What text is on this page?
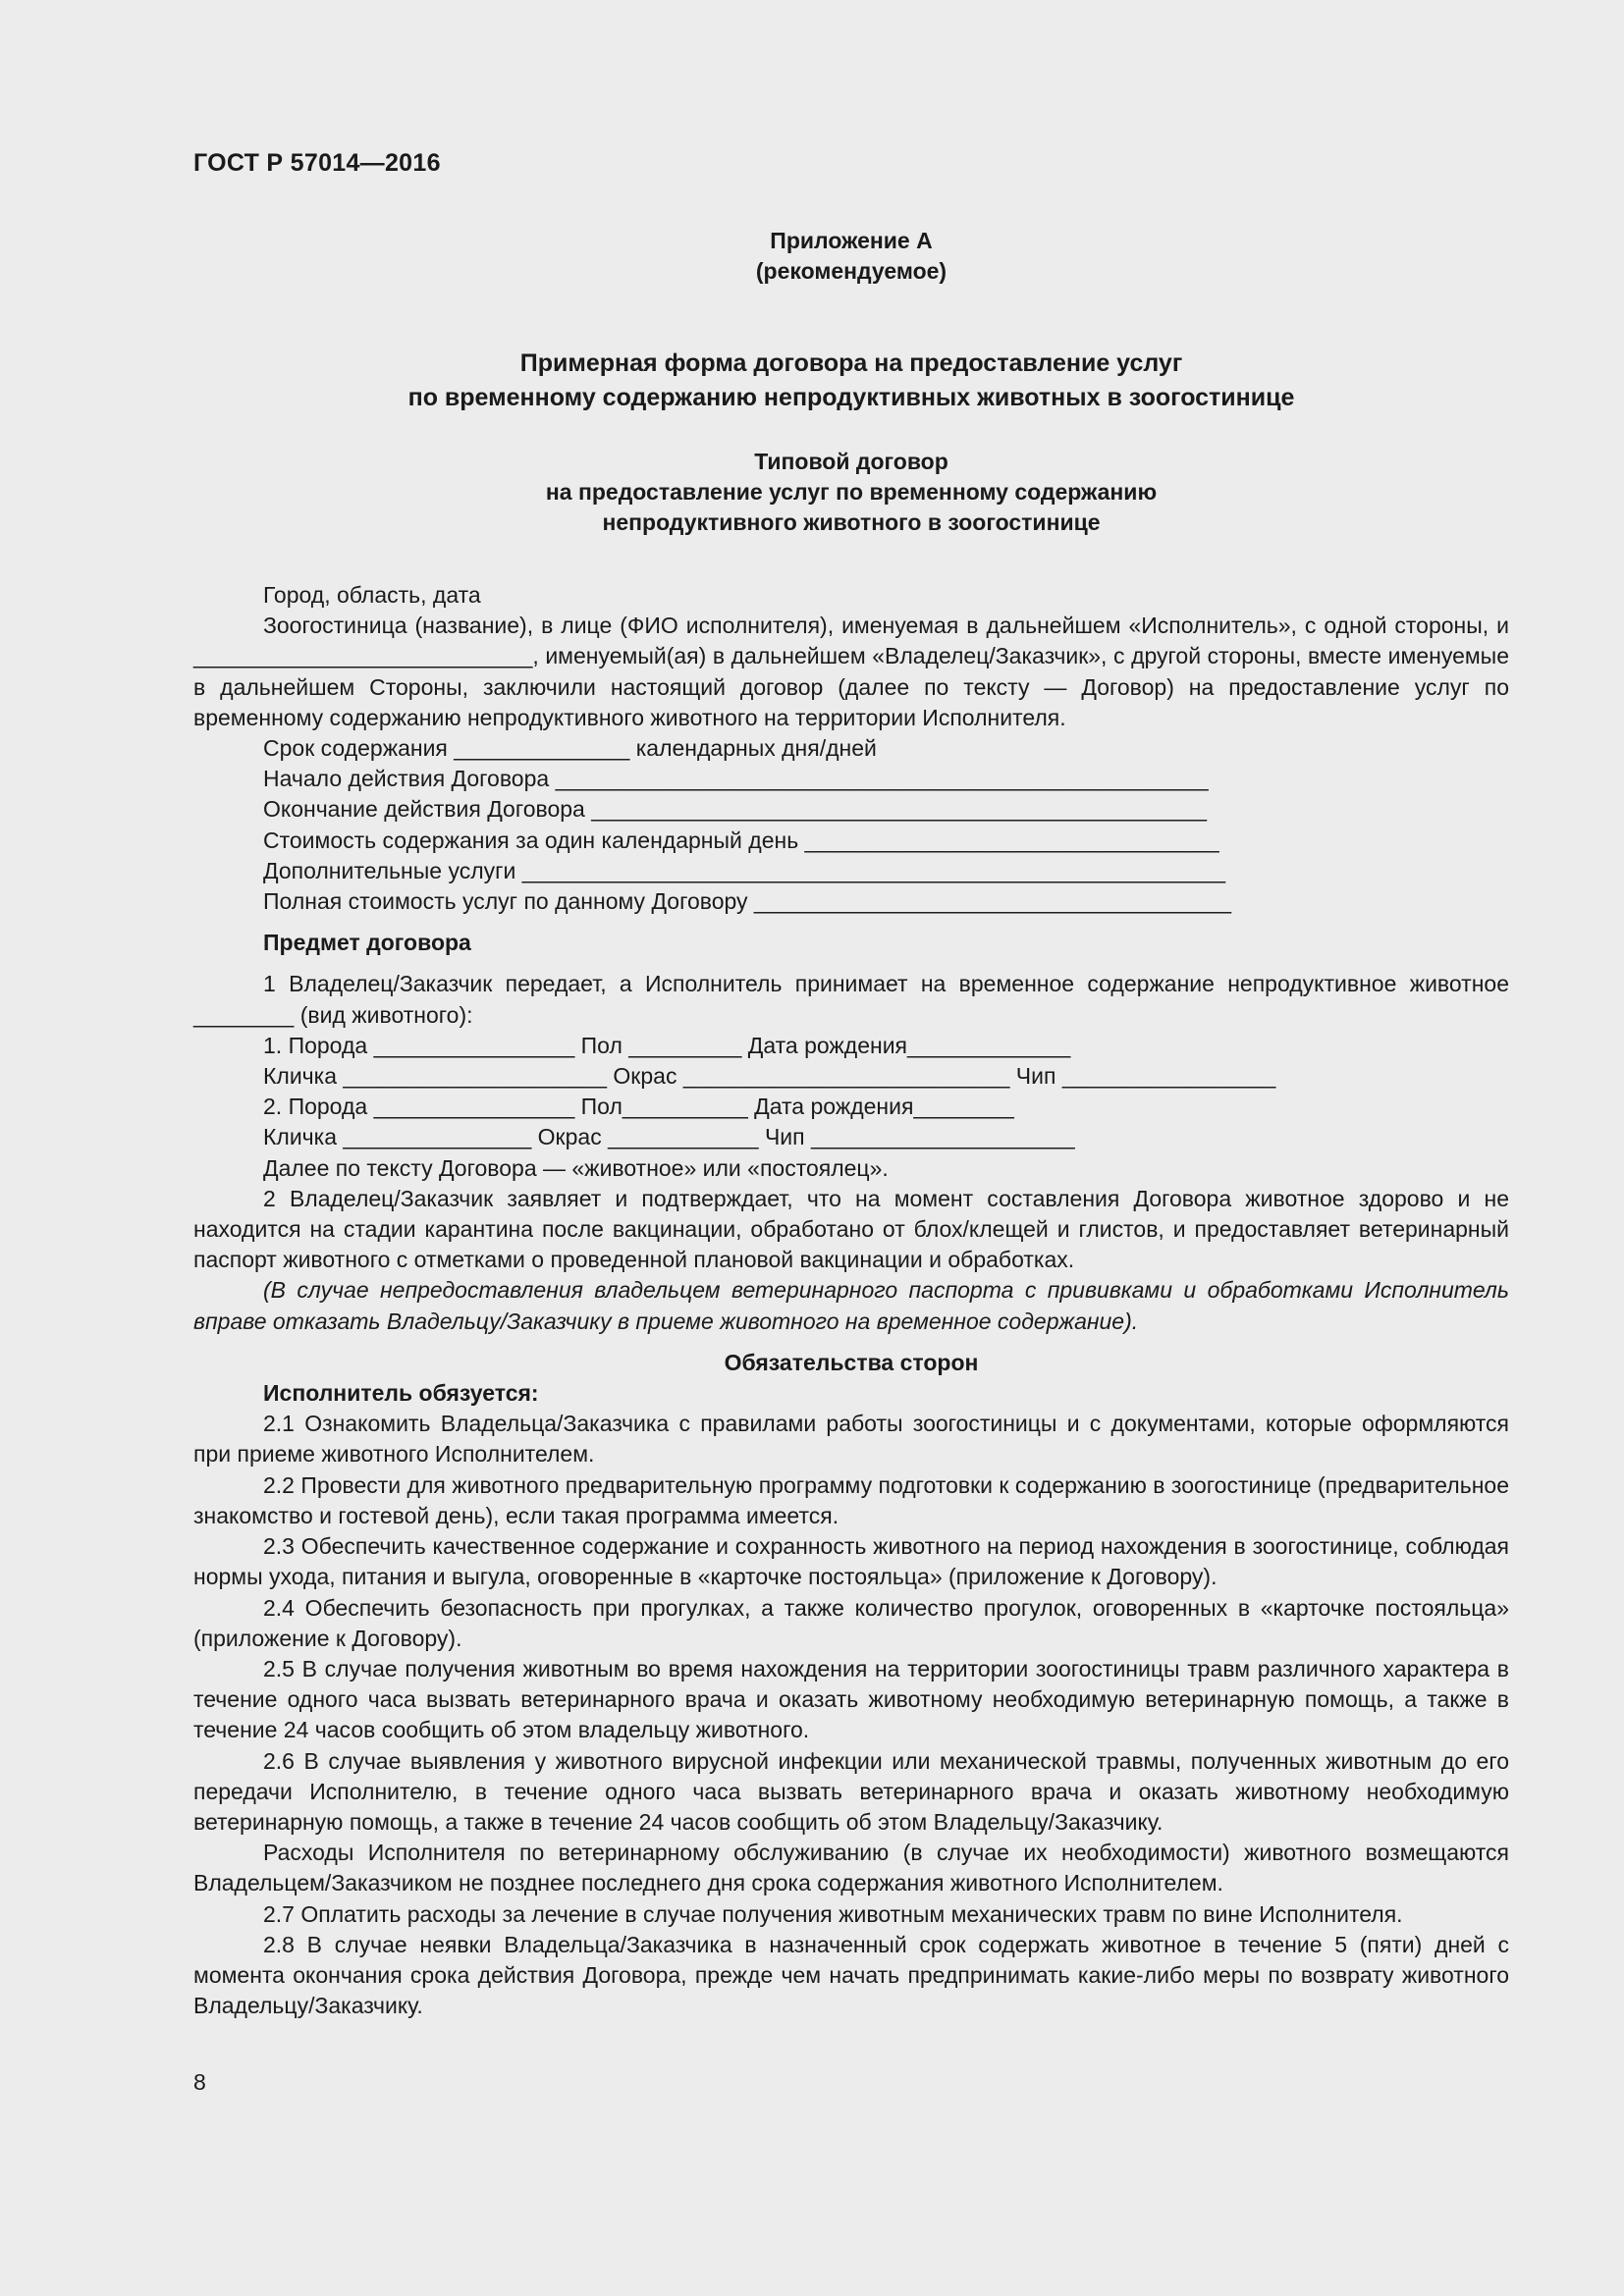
ГОСТ Р 57014—2016
Приложение А
(рекомендуемое)
Примерная форма договора на предоставление услуг
по временному содержанию непродуктивных животных в зоогостинице
Типовой договор
на предоставление услуг по временному содержанию
непродуктивного животного в зоогостинице

Город, область, дата

Зоогостиница (название), в лице (ФИО исполнителя), именуемая в дальнейшем «Исполнитель», с одной стороны, и ___________________________, именуемый(ая) в дальнейшем «Владелец/Заказчик», с другой стороны, вместе именуемые в дальнейшем Стороны, заключили настоящий договор (далее по тексту — Договор) на предоставление услуг по временному содержанию непродуктивного животного на территории Исполнителя.

Срок содержания ______________ календарных дня/дней

Начало действия Договора ____________________________________________________

Окончание действия Договора _________________________________________________

Стоимость содержания за один календарный день _________________________________

Дополнительные услуги ________________________________________________________

Полная стоимость услуг по данному Договору ______________________________________

Предмет договора

1 Владелец/Заказчик передает, а Исполнитель принимает на временное содержание непродуктивное животное ________ (вид животного):

1. Порода ________________ Пол _________ Дата рождения_____________

Кличка _____________________ Окрас __________________________ Чип _________________

2. Порода ________________ Пол__________ Дата рождения________

Кличка _______________ Окрас ____________ Чип _____________________

Далее по тексту Договора — «животное» или «постоялец».

2 Владелец/Заказчик заявляет и подтверждает, что на момент составления Договора животное здорово и не находится на стадии карантина после вакцинации, обработано от блох/клещей и глистов, и предоставляет ветеринарный паспорт животного с отметками о проведенной плановой вакцинации и обработках.

(В случае непредоставления владельцем ветеринарного паспорта с прививками и обработками Исполнитель вправе отказать Владельцу/Заказчику в приеме животного на временное содержание).

Обязательства сторон

Исполнитель обязуется:

2.1 Ознакомить Владельца/Заказчика с правилами работы зоогостиницы и с документами, которые оформляются при приеме животного Исполнителем.

2.2 Провести для животного предварительную программу подготовки к содержанию в зоогостинице (предварительное знакомство и гостевой день), если такая программа имеется.

2.3 Обеспечить качественное содержание и сохранность животного на период нахождения в зоогостинице, соблюдая нормы ухода, питания и выгула, оговоренные в «карточке постояльца» (приложение к Договору).

2.4 Обеспечить безопасность при прогулках, а также количество прогулок, оговоренных в «карточке постояльца» (приложение к Договору).

2.5 В случае получения животным во время нахождения на территории зоогостиницы травм различного характера в течение одного часа вызвать ветеринарного врача и оказать животному необходимую ветеринарную помощь, а также в течение 24 часов сообщить об этом владельцу животного.

2.6 В случае выявления у животного вирусной инфекции или механической травмы, полученных животным до его передачи Исполнителю, в течение одного часа вызвать ветеринарного врача и оказать животному необходимую ветеринарную помощь, а также в течение 24 часов сообщить об этом Владельцу/Заказчику.

Расходы Исполнителя по ветеринарному обслуживанию (в случае их необходимости) животного возмещаются Владельцем/Заказчиком не позднее последнего дня срока содержания животного Исполнителем.

2.7 Оплатить расходы за лечение в случае получения животным механических травм по вине Исполнителя.

2.8 В случае неявки Владельца/Заказчика в назначенный срок содержать животное в течение 5 (пяти) дней с момента окончания срока действия Договора, прежде чем начать предпринимать какие-либо меры по возврату животного Владельцу/Заказчику.

8
